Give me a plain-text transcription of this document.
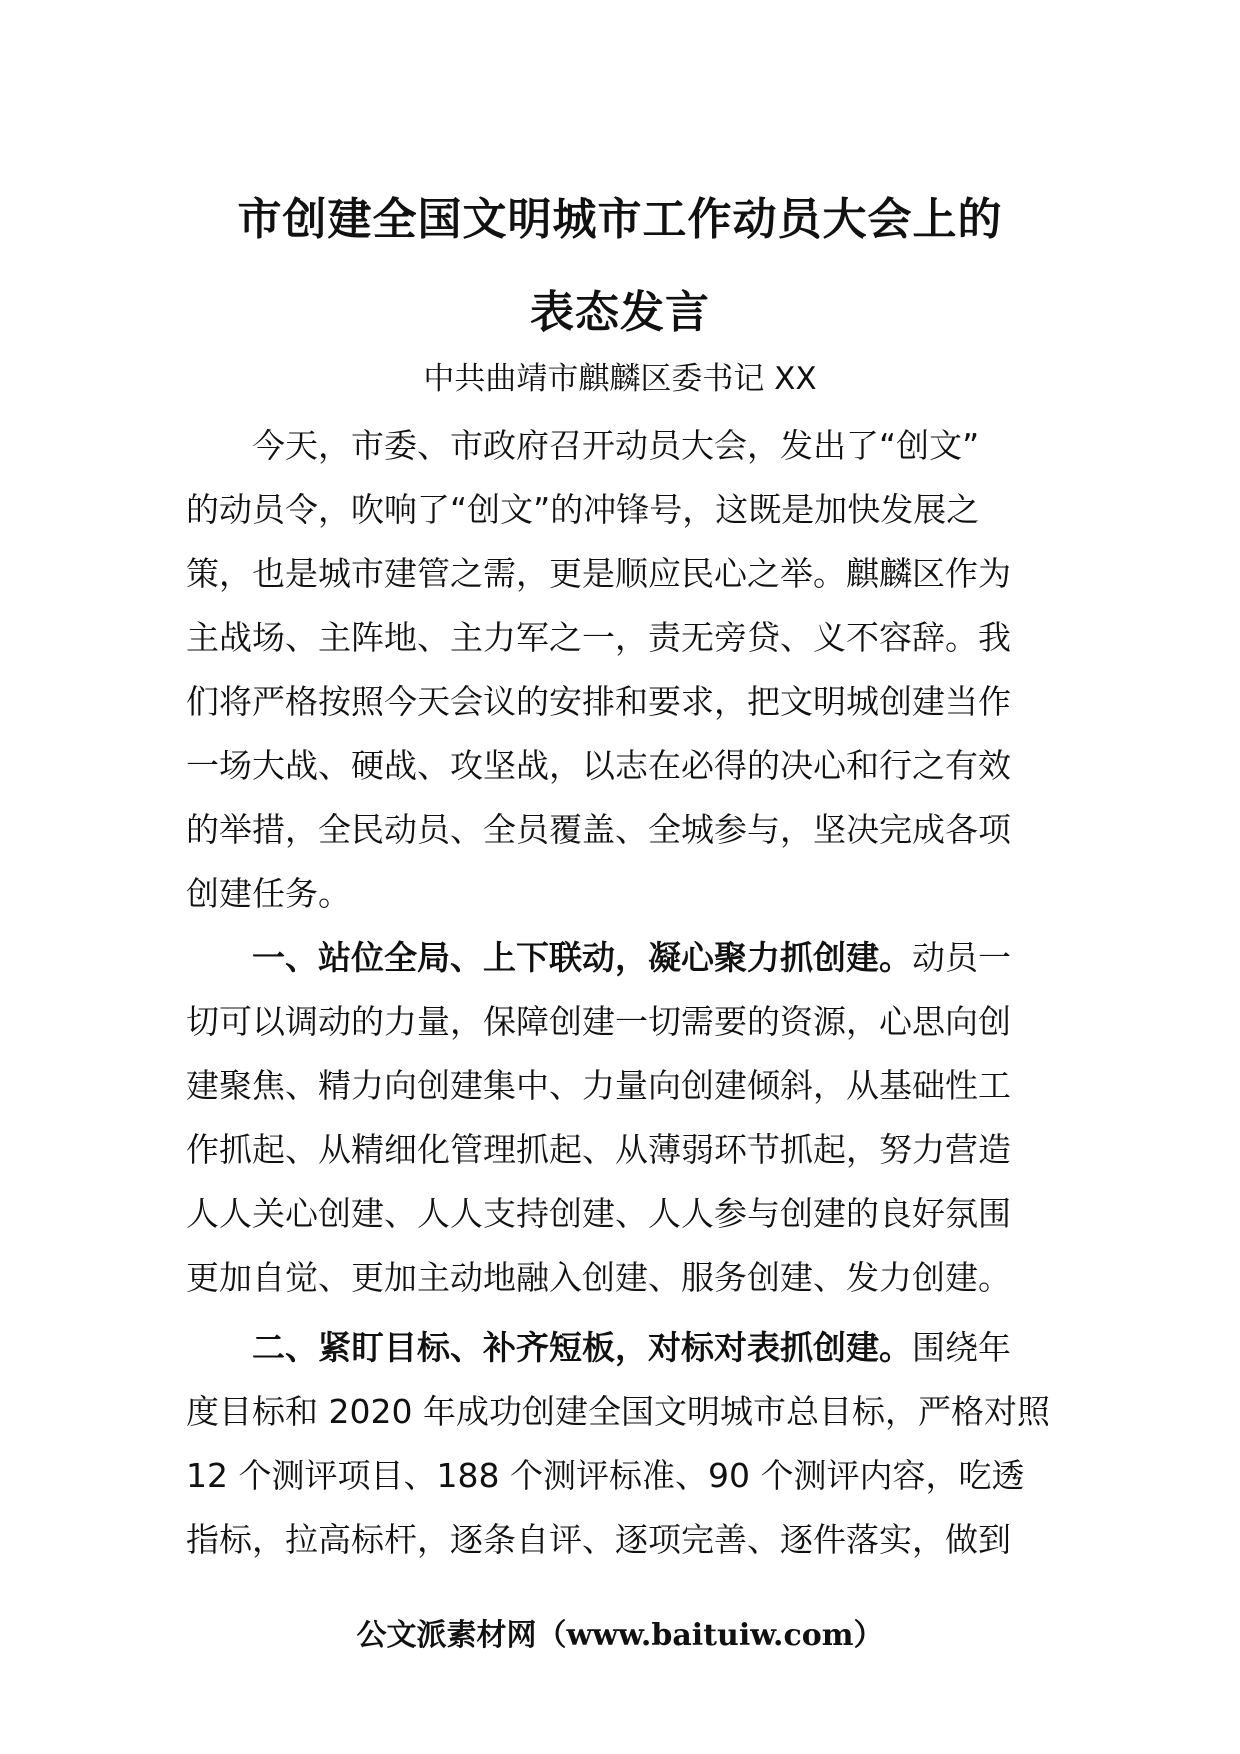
市创建全国文明城市工作动员大会上的
表态发言

中共曲靖市麒麟区委书记 XX

　　今天，市委、市政府召开动员大会，发出了“创文”
的动员令，吹响了“创文”的冲锋号，这既是加快发展之
策，也是城市建管之需，更是顺应民心之举。麒麟区作为
主战场、主阵地、主力军之一，责无旁贷、义不容辞。我
们将严格按照今天会议的安排和要求，把文明城创建当作
一场大战、硬战、攻坚战，以志在必得的决心和行之有效
的举措，全民动员、全员覆盖、全城参与，坚决完成各项
创建任务。

　　一、站位全局、上下联动，凝心聚力抓创建。动员一
切可以调动的力量，保障创建一切需要的资源，心思向创
建聚焦、精力向创建集中、力量向创建倾斜，从基础性工
作抓起、从精细化管理抓起、从薄弱环节抓起，努力营造
人人关心创建、人人支持创建、人人参与创建的良好氛围
更加自觉、更加主动地融入创建、服务创建、发力创建。

　　二、紧盯目标、补齐短板，对标对表抓创建。围绕年
度目标和 2020 年成功创建全国文明城市总目标，严格对照
12 个测评项目、188 个测评标准、90 个测评内容，吃透
指标，拉高标杆，逐条自评、逐项完善、逐件落实，做到

公文派素材网（www.baituiw.com）
